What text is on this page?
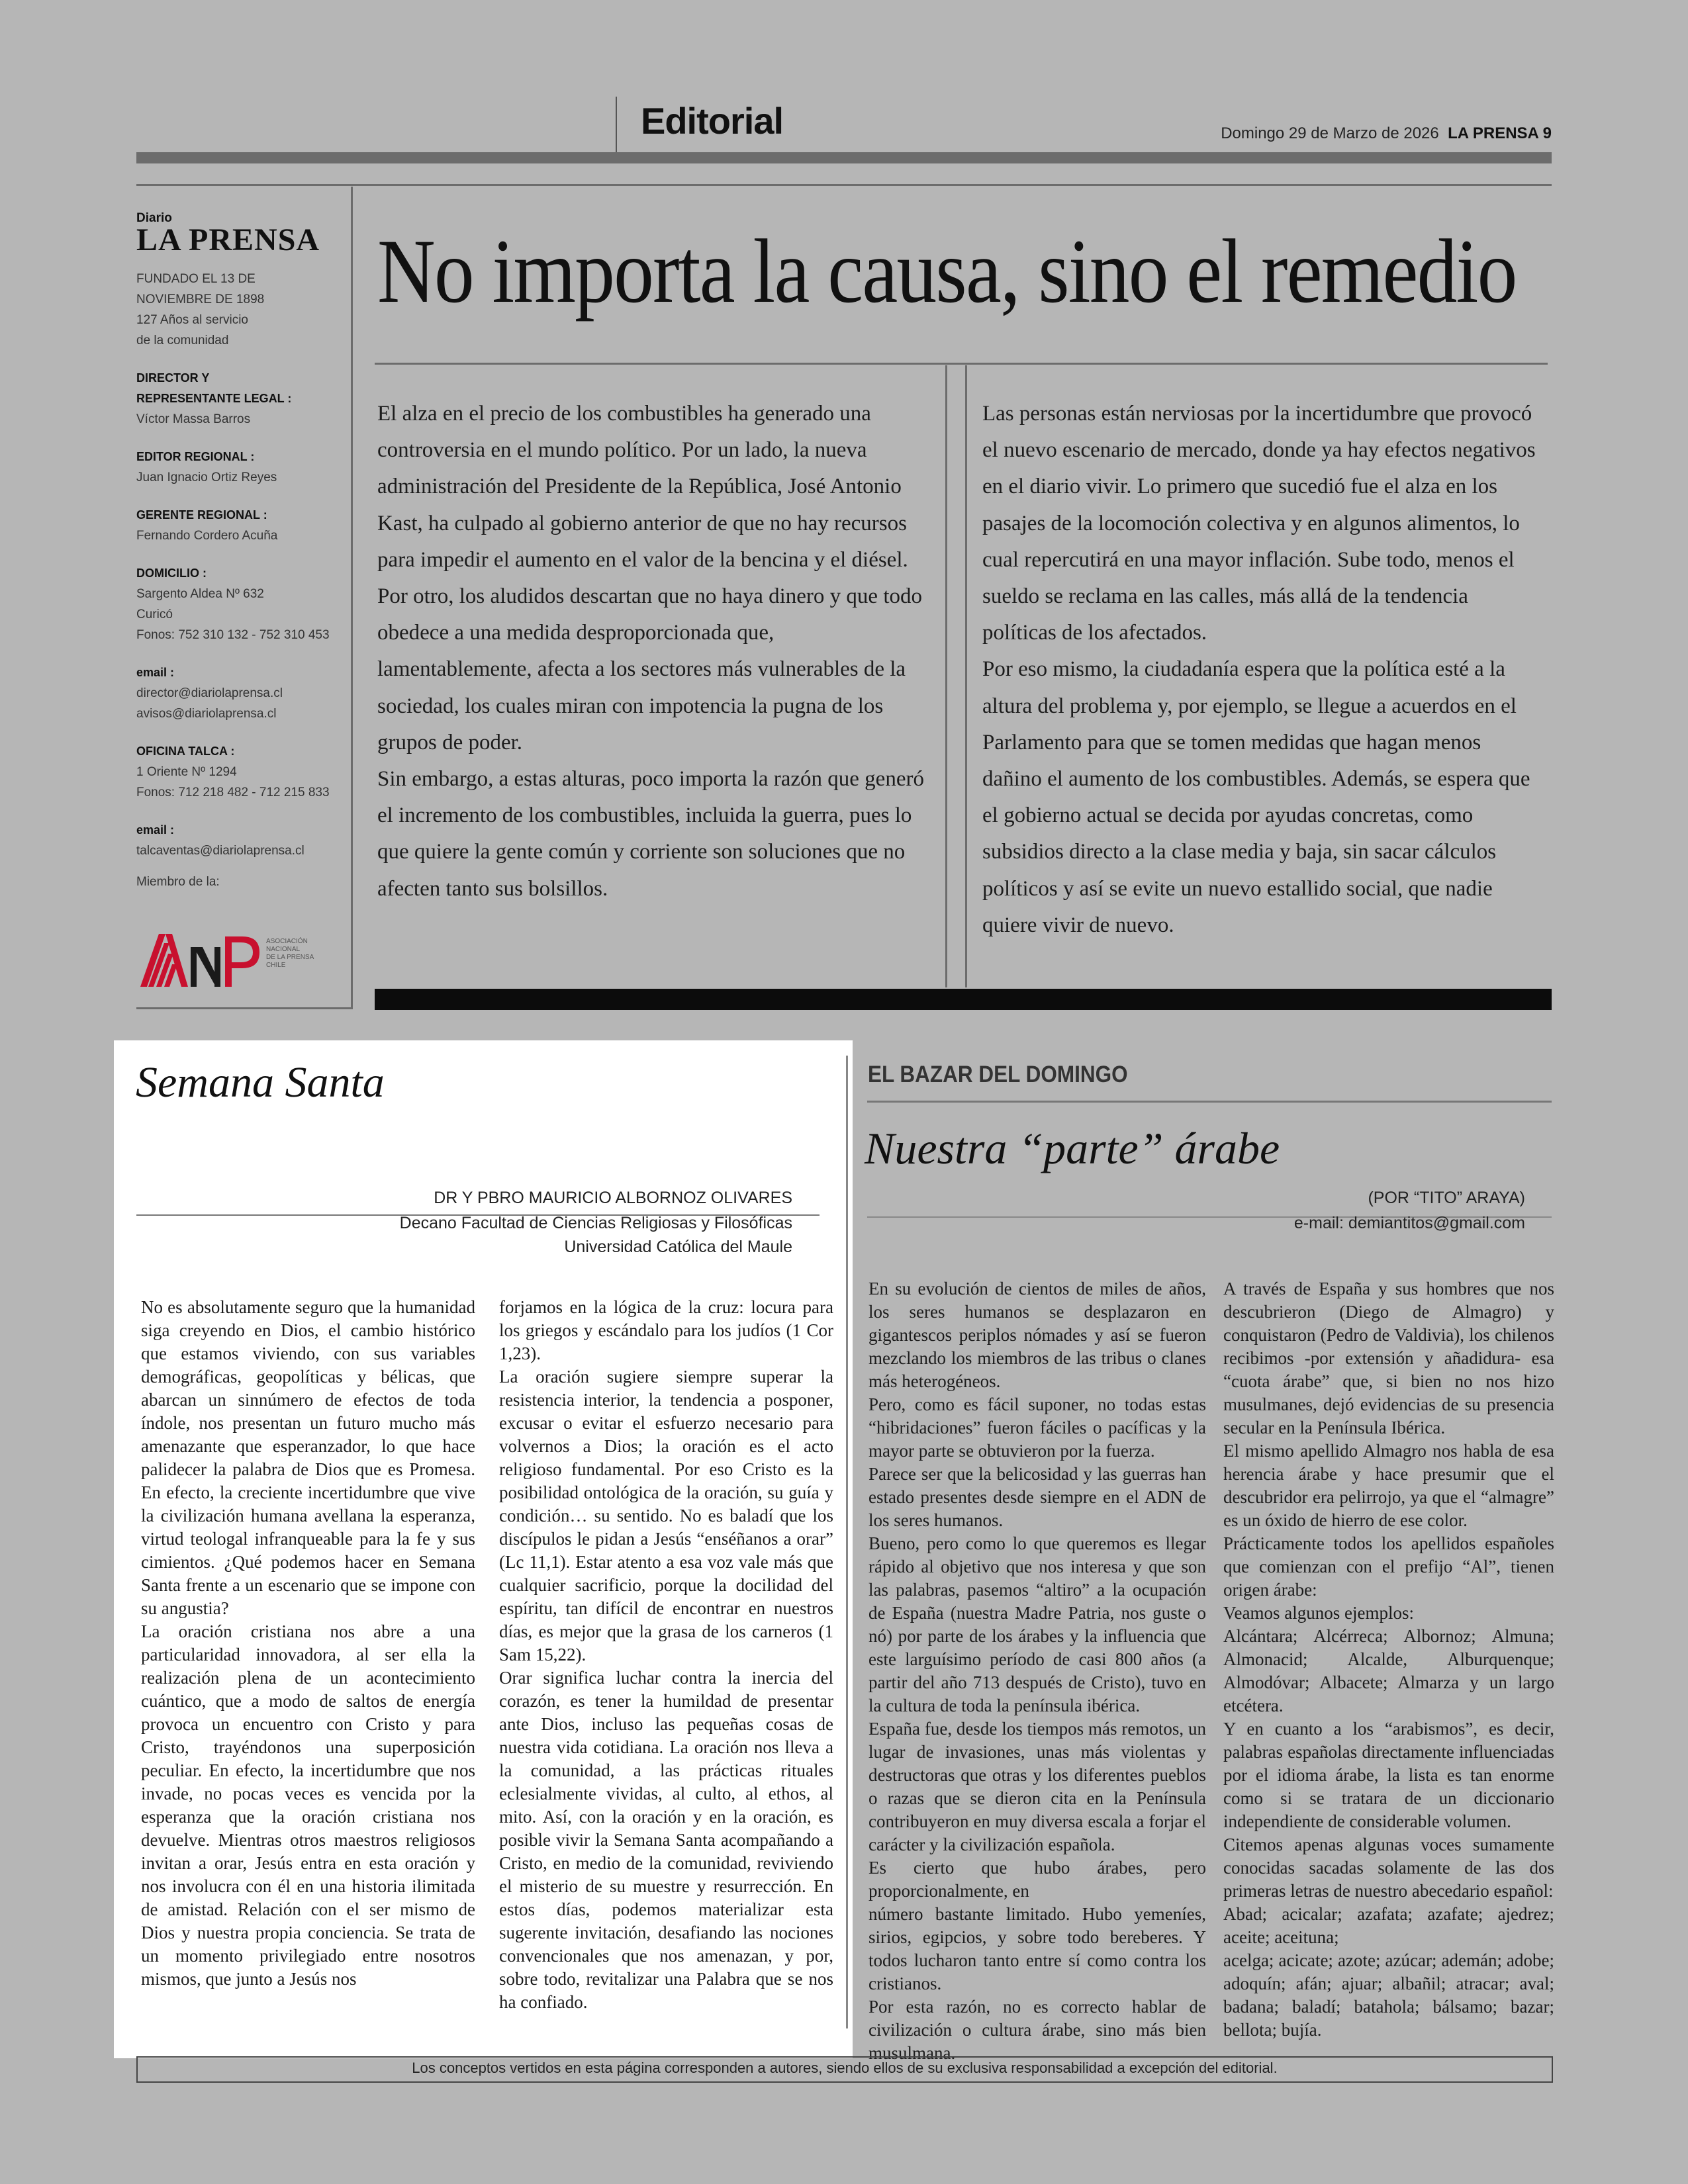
Editorial	Domingo 29 de Marzo de 2026 LA PRENSA 9
Diario
LA PRENSA
FUNDADO EL 13 DE
NOVIEMBRE DE 1898
127 Años al servicio
de la comunidad
DIRECTOR Y
REPRESENTANTE LEGAL :
Víctor Massa Barros
EDITOR REGIONAL :
Juan Ignacio Ortiz Reyes
GERENTE REGIONAL :
Fernando Cordero Acuña
DOMICILIO :
Sargento Aldea Nº 632
Curicó
Fonos: 752 310 132 - 752 310 453
email :
director@diariolaprensa.cl
avisos@diariolaprensa.cl
OFICINA TALCA :
1 Oriente Nº 1294
Fonos: 712 218 482 - 712 215 833
email :
talcaventas@diariolaprensa.cl
Miembro de la:
ASOCIACIÓN
NACIONAL
DE LA PRENSA
CHILE
No importa la causa, sino el remedio

El alza en el precio de los combustibles ha generado una controversia en el mundo político. Por un lado, la nueva administración del Presidente de la República, José Antonio Kast, ha culpado al gobierno anterior de que no hay recursos para impedir el aumento en el valor de la bencina y el diésel. Por otro, los aludidos descartan que no haya dinero y que todo obedece a una medida desproporcionada que, lamentablemente, afecta a los sectores más vulnerables de la sociedad, los cuales miran con impotencia la pugna de los grupos de poder.

Sin embargo, a estas alturas, poco importa la razón que generó el incremento de los combustibles, incluida la guerra, pues lo que quiere la gente común y corriente son soluciones que no afecten tanto sus bolsillos.

Las personas están nerviosas por la incertidumbre que provocó el nuevo escenario de mercado, donde ya hay efectos negativos en el diario vivir. Lo primero que sucedió fue el alza en los pasajes de la locomoción colectiva y en algunos alimentos, lo cual repercutirá en una mayor inflación. Sube todo, menos el sueldo se reclama en las calles, más allá de la tendencia políticas de los afectados.

Por eso mismo, la ciudadanía espera que la política esté a la altura del problema y, por ejemplo, se llegue a acuerdos en el Parlamento para que se tomen medidas que hagan menos dañino el aumento de los combustibles. Además, se espera que el gobierno actual se decida por ayudas concretas, como subsidios directo a la clase media y baja, sin sacar cálculos políticos y así se evite un nuevo estallido social, que nadie quiere vivir de nuevo.

Semana Santa
DR Y PBRO MAURICIO ALBORNOZ OLIVARES
Decano Facultad de Ciencias Religiosas y Filosóficas
Universidad Católica del Maule

No es absolutamente seguro que la humanidad siga creyendo en Dios, el cambio histórico que estamos viviendo, con sus variables demográficas, geopolíticas y bélicas, que abarcan un sinnúmero de efectos de toda índole, nos presentan un futuro mucho más amenazante que esperanzador, lo que hace palidecer la palabra de Dios que es Promesa. En efecto, la creciente incertidumbre que vive la civilización humana avellana la esperanza, virtud teologal infranqueable para la fe y sus cimientos. ¿Qué podemos hacer en Semana Santa frente a un escenario que se impone con su angustia?

La oración cristiana nos abre a una particularidad innovadora, al ser ella la realización plena de un acontecimiento cuántico, que a modo de saltos de energía provoca un encuentro con Cristo y para Cristo, trayéndonos una superposición peculiar. En efecto, la incertidumbre que nos invade, no pocas veces es vencida por la esperanza que la oración cristiana nos devuelve. Mientras otros maestros religiosos invitan a orar, Jesús entra en esta oración y nos involucra con él en una historia ilimitada de amistad. Relación con el ser mismo de Dios y nuestra propia conciencia. Se trata de un momento privilegiado entre nosotros mismos, que junto a Jesús nos

forjamos en la lógica de la cruz: locura para los griegos y escándalo para los judíos (1 Cor 1,23).

La oración sugiere siempre superar la resistencia interior, la tendencia a posponer, excusar o evitar el esfuerzo necesario para volvernos a Dios; la oración es el acto religioso fundamental. Por eso Cristo es la posibilidad ontológica de la oración, su guía y condición… su sentido. No es baladí que los discípulos le pidan a Jesús “enséñanos a orar” (Lc 11,1). Estar atento a esa voz vale más que cualquier sacrificio, porque la docilidad del espíritu, tan difícil de encontrar en nuestros días, es mejor que la grasa de los carneros (1 Sam 15,22).

Orar significa luchar contra la inercia del corazón, es tener la humildad de presentar ante Dios, incluso las pequeñas cosas de nuestra vida cotidiana. La oración nos lleva a la comunidad, a las prácticas rituales eclesialmente vividas, al culto, al ethos, al mito. Así, con la oración y en la oración, es posible vivir la Semana Santa acompañando a Cristo, en medio de la comunidad, reviviendo el misterio de su muestre y resurrección. En estos días, podemos materializar esta sugerente invitación, desafiando las nociones convencionales que nos amenazan, y por, sobre todo, revitalizar una Palabra que se nos ha confiado.

EL BAZAR DEL DOMINGO
Nuestra “parte” árabe
(POR “TITO” ARAYA)
e-mail: demiantitos@gmail.com

En su evolución de cientos de miles de años, los seres humanos se desplazaron en gigantescos periplos nómades y así se fueron mezclando los miembros de las tribus o clanes más heterogéneos.

Pero, como es fácil suponer, no todas estas “hibridaciones” fueron fáciles o pacíficas y la mayor parte se obtuvieron por la fuerza.

Parece ser que la belicosidad y las guerras han estado presentes desde siempre en el ADN de los seres humanos.

Bueno, pero como lo que queremos es llegar rápido al objetivo que nos interesa y que son las palabras, pasemos “altiro” a la ocupación de España (nuestra Madre Patria, nos guste o nó) por parte de los árabes y la influencia que este larguísimo período de casi 800 años (a partir del año 713 después de Cristo), tuvo en la cultura de toda la península ibérica.

España fue, desde los tiempos más remotos, un lugar de invasiones, unas más violentas y destructoras que otras y los diferentes pueblos o razas que se dieron cita en la Península contribuyeron en muy diversa escala a forjar el carácter y la civilización española.

Es cierto que hubo árabes, pero proporcionalmente, en

número bastante limitado. Hubo yemeníes, sirios, egipcios, y sobre todo bereberes. Y todos lucharon tanto entre sí como contra los cristianos.

Por esta razón, no es correcto hablar de civilización o cultura árabe, sino más bien musulmana.

A través de España y sus hombres que nos descubrieron (Diego de Almagro) y conquistaron (Pedro de Valdivia), los chilenos recibimos -por extensión y añadidura- esa “cuota árabe” que, si bien no nos hizo musulmanes, dejó evidencias de su presencia secular en la Península Ibérica.

El mismo apellido Almagro nos habla de esa herencia árabe y hace presumir que el descubridor era pelirrojo, ya que el “almagre” es un óxido de hierro de ese color.

Prácticamente todos los apellidos españoles que comienzan con el prefijo “Al”, tienen origen árabe:

Veamos algunos ejemplos:

Alcántara; Alcérreca; Albornoz; Almuna; Almonacid; Alcalde, Alburquenque; Almodóvar; Albacete; Almarza y un largo etcétera.

Y en cuanto a los “arabismos”, es decir, palabras españolas directamente influenciadas por el idioma árabe, la lista es tan enorme como si se tratara de un diccionario independiente de considerable volumen.

Citemos apenas algunas voces sumamente conocidas sacadas solamente de las dos primeras letras de nuestro abecedario español:

Abad; acicalar; azafata; azafate; ajedrez; aceite; aceituna;

acelga; acicate; azote; azúcar; ademán; adobe; adoquín; afán; ajuar; albañil; atracar; aval; badana; baladí; batahola; bálsamo; bazar; bellota; bujía.

Los conceptos vertidos en esta página corresponden a autores, siendo ellos de su exclusiva responsabilidad a excepción del editorial.
